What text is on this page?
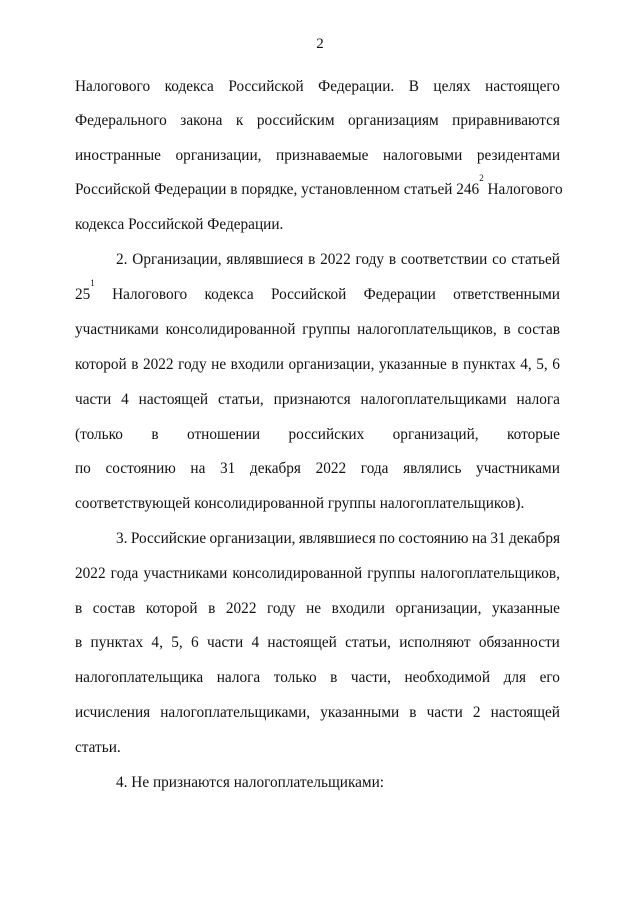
2
Налогового кодекса Российской Федерации. В целях настоящего
Федерального закона к российским организациям приравниваются
иностранные организации, признаваемые налоговыми резидентами
Российской Федерации в порядке, установленном статьей $246^2$ Налогового
кодекса Российской Федерации.
2. Организации, являвшиеся в 2022 году в соответствии со статьей
$25^1$
Налогового кодекса Российской Федерации ответственными
участниками консолидированной группы налогоплательщиков, в состав
которой в 2022 году не входили организации, указанные в пунктах 4, 5, 6
части 4 настоящей статьи, признаются налогоплательщиками налога
(только в отношении российских организаций, которые
по состоянию на 31 декабря 2022 года являлись участниками
соответствующей консолидированной группы налогоплательщиков).
3. Российские организации, являвшиеся по состоянию на 31 декабря
2022 года участниками консолидированной группы налогоплательщиков,
в состав которой в 2022 году не входили организации, указанные
в пунктах 4, 5, 6 части 4 настоящей статьи, исполняют обязанности
налогоплательщика налога только в части, необходимой для его
исчисления налогоплательщиками, указанными в части 2 настоящей
статьи.
4. Не признаются налогоплательщиками:
